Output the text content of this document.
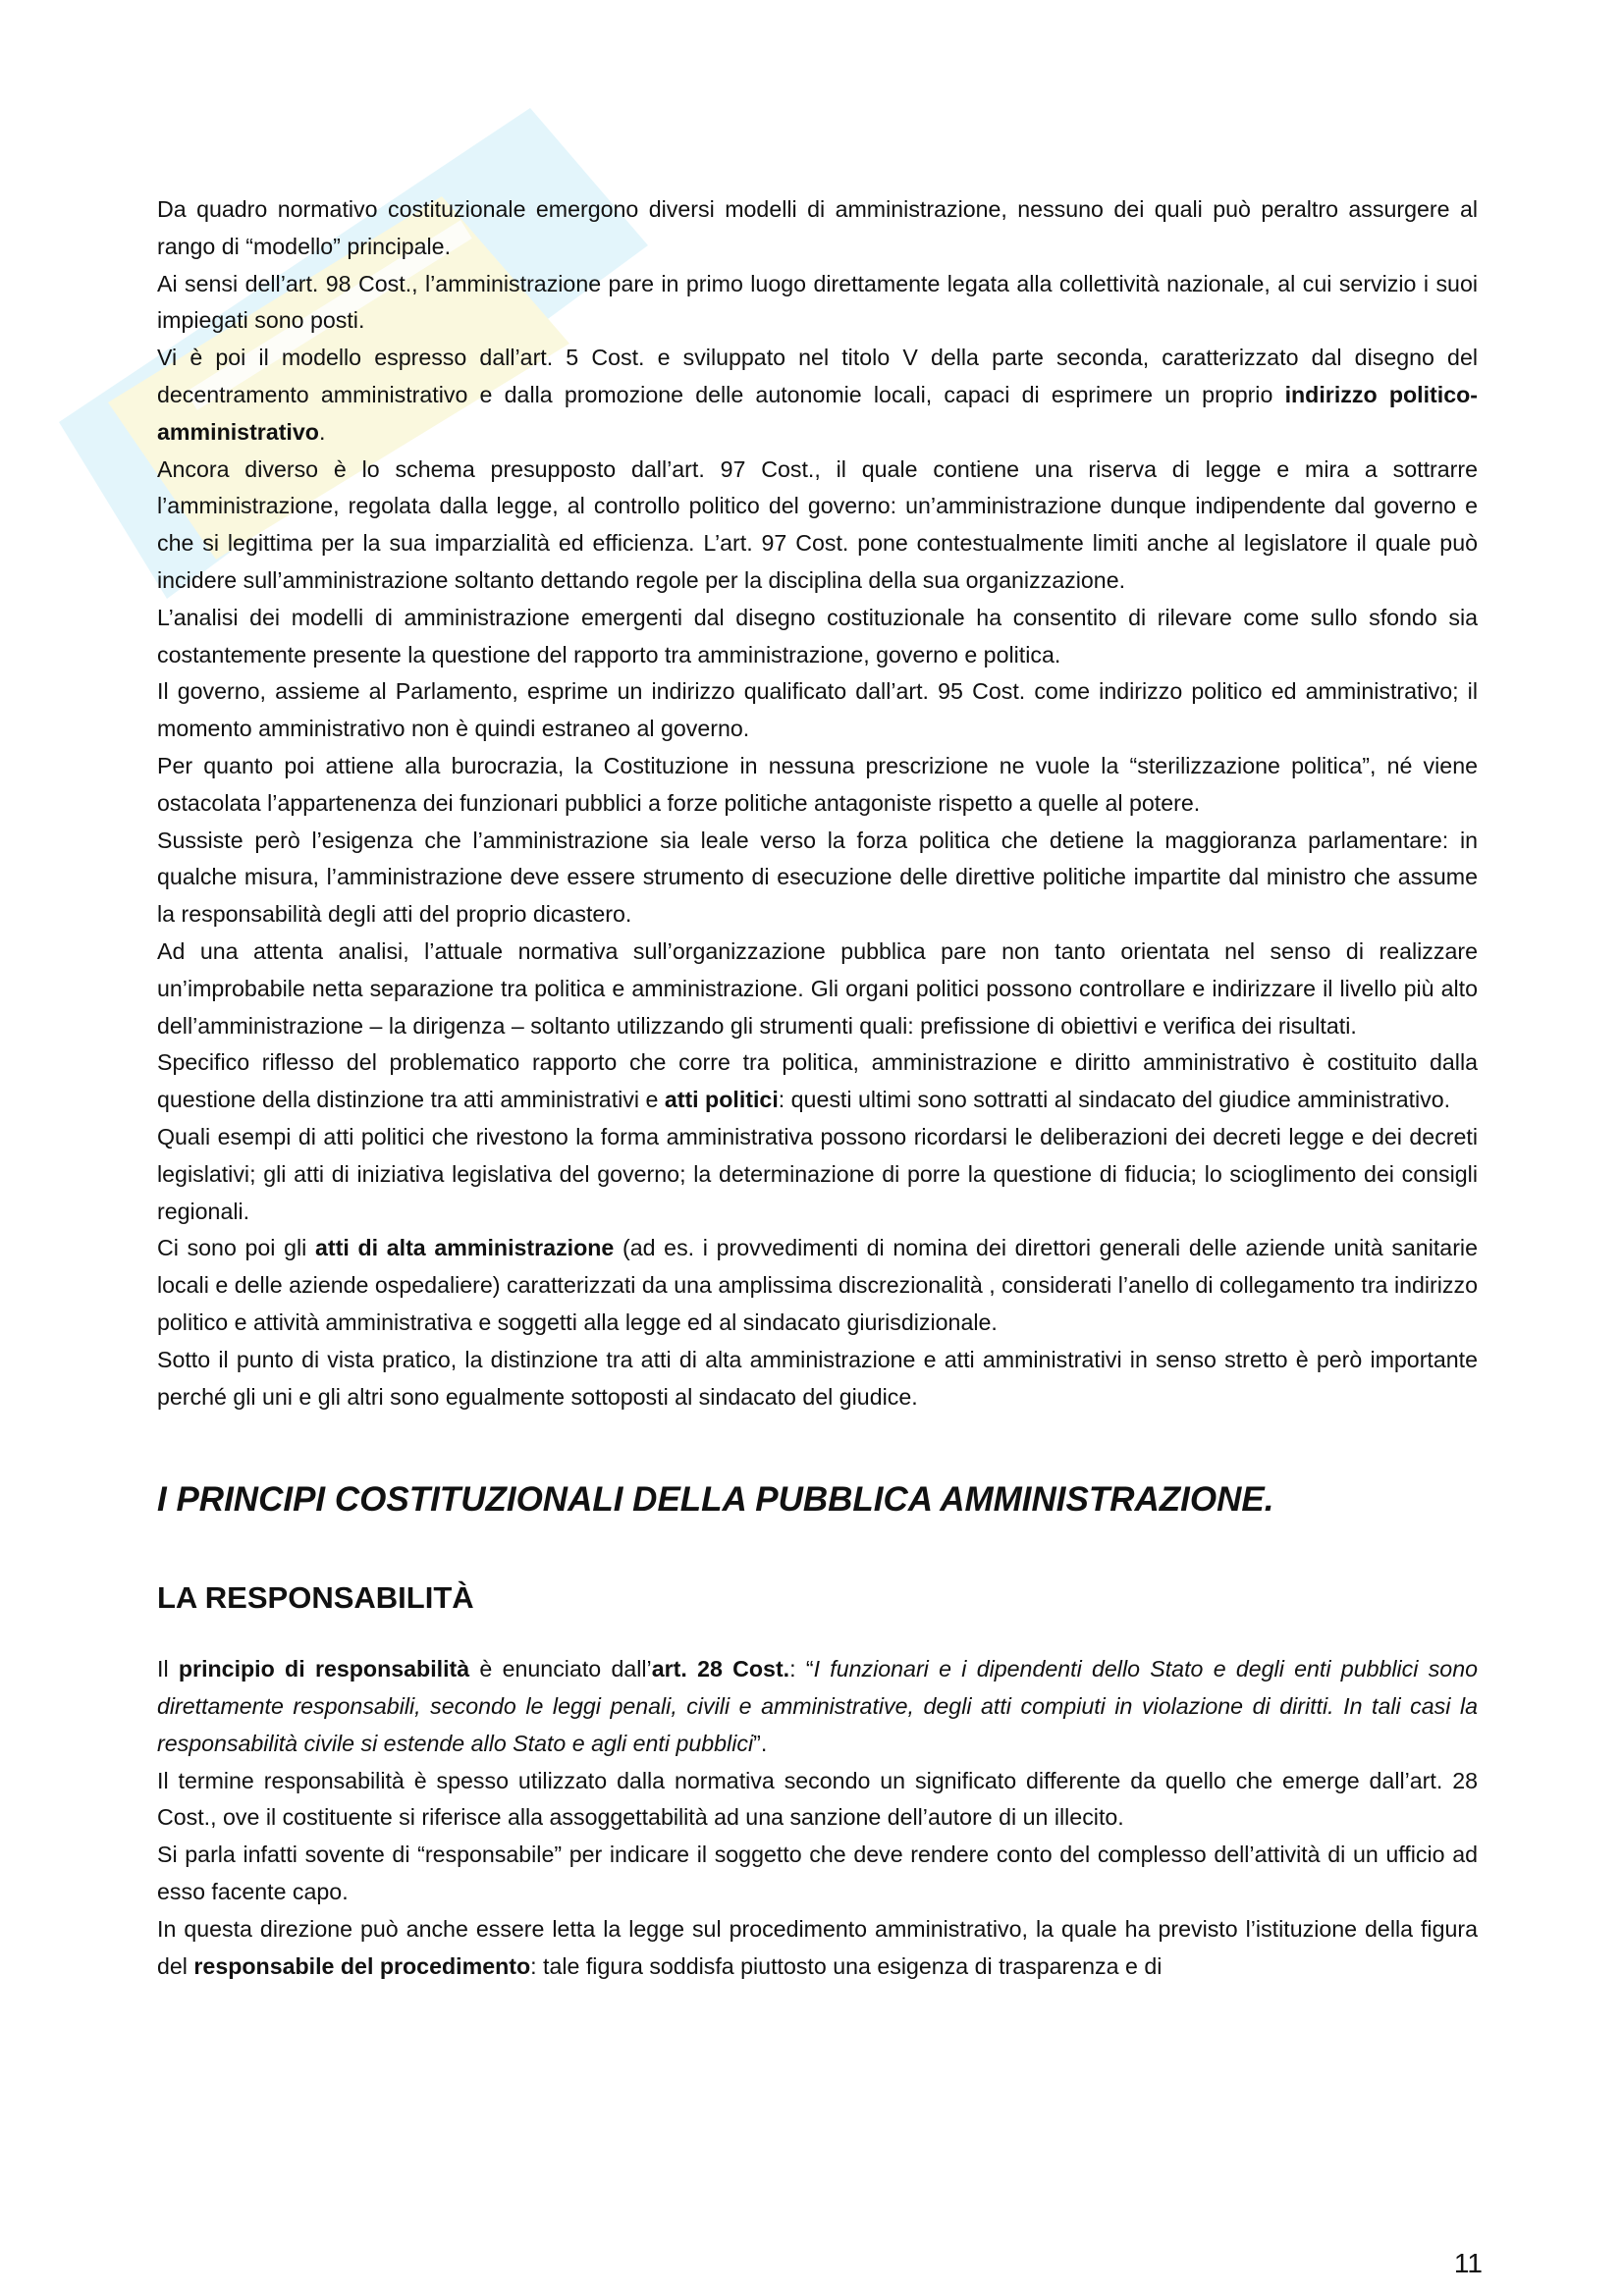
Da quadro normativo costituzionale emergono diversi modelli di amministrazione, nessuno dei quali può peraltro assurgere al rango di “modello” principale.

Ai sensi dell’art. 98 Cost., l’amministrazione pare in primo luogo direttamente legata alla collettività nazionale, al cui servizio i suoi impiegati sono posti.

Vi è poi il modello espresso dall’art. 5 Cost. e sviluppato nel titolo V della parte seconda, caratterizzato dal disegno del decentramento amministrativo e dalla promozione delle autonomie locali, capaci di esprimere un proprio indirizzo politico-amministrativo.

Ancora diverso è lo schema presupposto dall’art. 97 Cost., il quale contiene una riserva di legge e mira a sottrarre l’amministrazione, regolata dalla legge, al controllo politico del governo: un’amministrazione dunque indipendente dal governo e che si legittima per la sua imparzialità ed efficienza. L’art. 97 Cost. pone contestualmente limiti anche al legislatore il quale può incidere sull’amministrazione soltanto dettando regole per la disciplina della sua organizzazione.

L’analisi dei modelli di amministrazione emergenti dal disegno costituzionale ha consentito di rilevare come sullo sfondo sia costantemente presente la questione del rapporto tra amministrazione, governo e politica.

Il governo, assieme al Parlamento, esprime un indirizzo qualificato dall’art. 95 Cost. come indirizzo politico ed amministrativo; il momento amministrativo non è quindi estraneo al governo.

Per quanto poi attiene alla burocrazia, la Costituzione in nessuna prescrizione ne vuole la “sterilizzazione politica”, né viene ostacolata l’appartenenza dei funzionari pubblici a forze politiche antagoniste rispetto a quelle al potere.

Sussiste però l’esigenza che l’amministrazione sia leale verso la forza politica che detiene la maggioranza parlamentare: in qualche misura, l’amministrazione deve essere strumento di esecuzione delle direttive politiche impartite dal ministro che assume la responsabilità degli atti del proprio dicastero.

Ad una attenta analisi, l’attuale normativa sull’organizzazione pubblica pare non tanto orientata nel senso di realizzare un’improbabile netta separazione tra politica e amministrazione. Gli organi politici possono controllare e indirizzare il livello più alto dell’amministrazione – la dirigenza – soltanto utilizzando gli strumenti quali: prefissione di obiettivi e verifica dei risultati.

Specifico riflesso del problematico rapporto che corre tra politica, amministrazione e diritto amministrativo è costituito dalla questione della distinzione tra atti amministrativi e atti politici: questi ultimi sono sottratti al sindacato del giudice amministrativo.

Quali esempi di atti politici che rivestono la forma amministrativa possono ricordarsi le deliberazioni dei decreti legge e dei decreti legislativi; gli atti di iniziativa legislativa del governo; la determinazione di porre la questione di fiducia; lo scioglimento dei consigli regionali.

Ci sono poi gli atti di alta amministrazione (ad es. i provvedimenti di nomina dei direttori generali delle aziende unità sanitarie locali e delle aziende ospedaliere) caratterizzati da una amplissima discrezionalità , considerati l’anello di collegamento tra indirizzo politico e attività amministrativa e soggetti alla legge ed al sindacato giurisdizionale.

Sotto il punto di vista pratico, la distinzione tra atti di alta amministrazione e atti amministrativi in senso stretto è però importante perché gli uni e gli altri sono egualmente sottoposti al sindacato del giudice.

I PRINCIPI COSTITUZIONALI DELLA PUBBLICA AMMINISTRAZIONE.
LA RESPONSABILITÀ

Il principio di responsabilità è enunciato dall’art. 28 Cost.: “I funzionari e i dipendenti dello Stato e degli enti pubblici sono direttamente responsabili, secondo le leggi penali, civili e amministrative, degli atti compiuti in violazione di diritti. In tali casi la responsabilità civile si estende allo Stato e agli enti pubblici”.

Il termine responsabilità è spesso utilizzato dalla normativa secondo un significato differente da quello che emerge dall’art. 28 Cost., ove il costituente si riferisce alla assoggettabilità ad una sanzione dell’autore di un illecito.

Si parla infatti sovente di “responsabile” per indicare il soggetto che deve rendere conto del complesso dell’attività di un ufficio ad esso facente capo.

In questa direzione può anche essere letta la legge sul procedimento amministrativo, la quale ha previsto l’istituzione della figura del responsabile del procedimento: tale figura soddisfa piuttosto una esigenza di trasparenza e di

11
